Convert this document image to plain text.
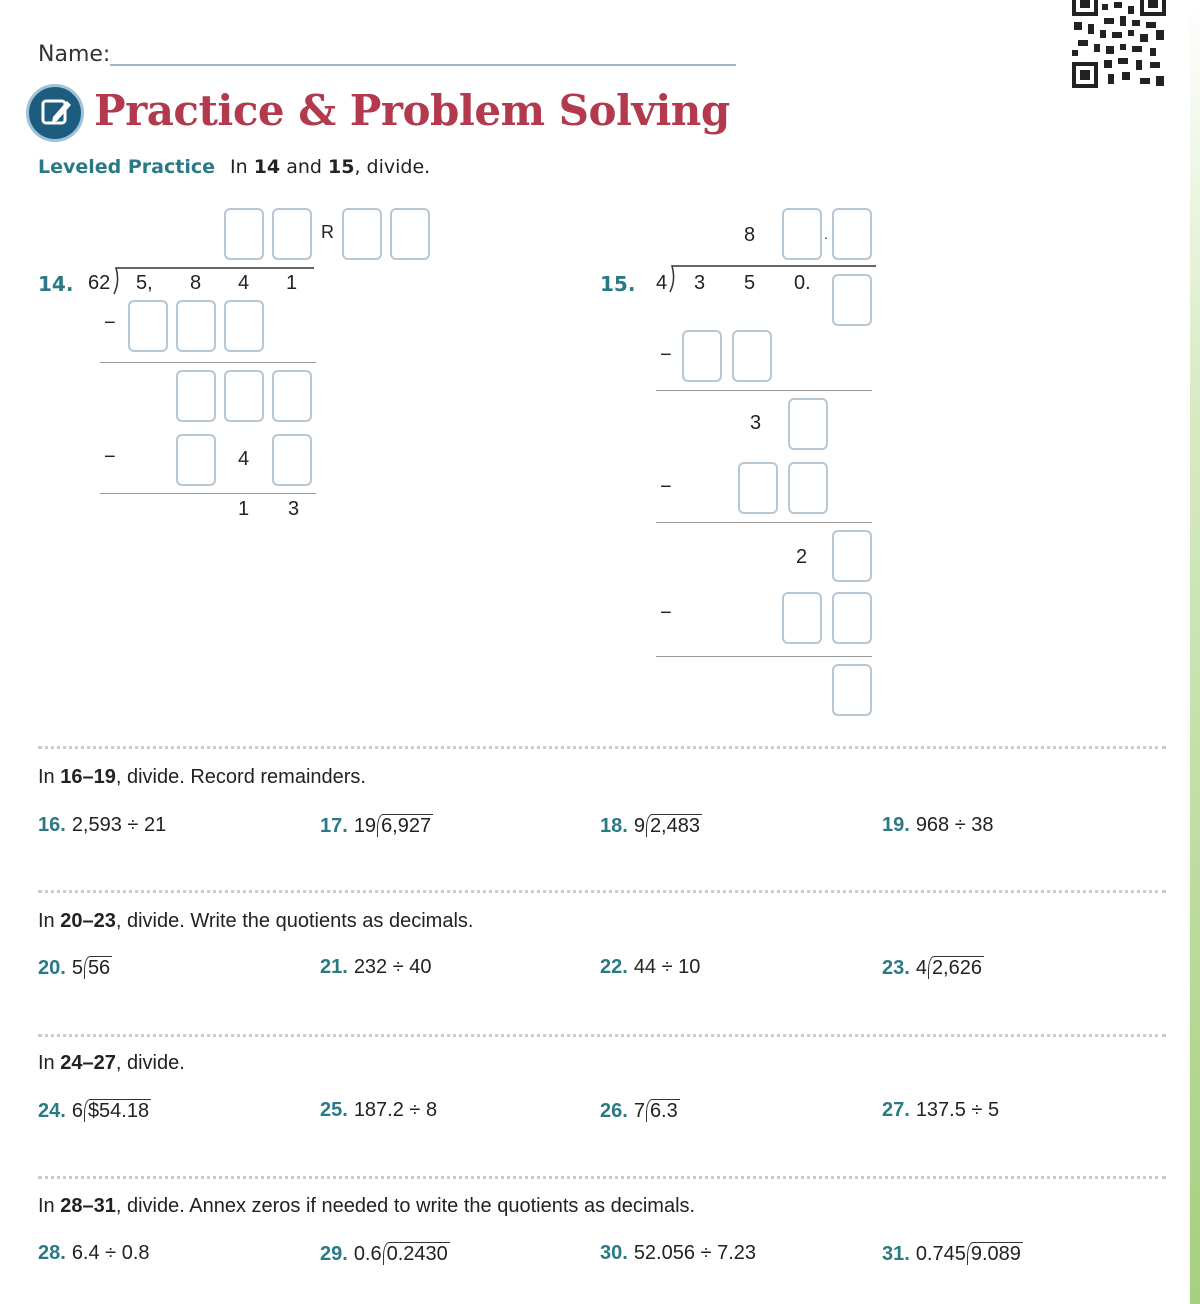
Name:
Practice & Problem Solving
Leveled Practice In 14 and 15, divide.
14. 62 5, 8 4 1
R
−
−	4
1 3
15. 4 3 5 0.
8	.
−
3
−
2
−
In 16–19, divide. Record remainders.
16. 2,593 ÷ 21	17. 19 6,927	18. 9 2,483	19. 968 ÷ 38
In 20–23, divide. Write the quotients as decimals.
20. 5 56	21. 232 ÷ 40	22. 44 ÷ 10	23. 4 2,626
In 24–27, divide.
24. 6 $54.18	25. 187.2 ÷ 8	26. 7 6.3	27. 137.5 ÷ 5
In 28–31, divide. Annex zeros if needed to write the quotients as decimals.
28. 6.4 ÷ 0.8	29. 0.6 0.2430	30. 52.056 ÷ 7.23	31. 0.745 9.089
